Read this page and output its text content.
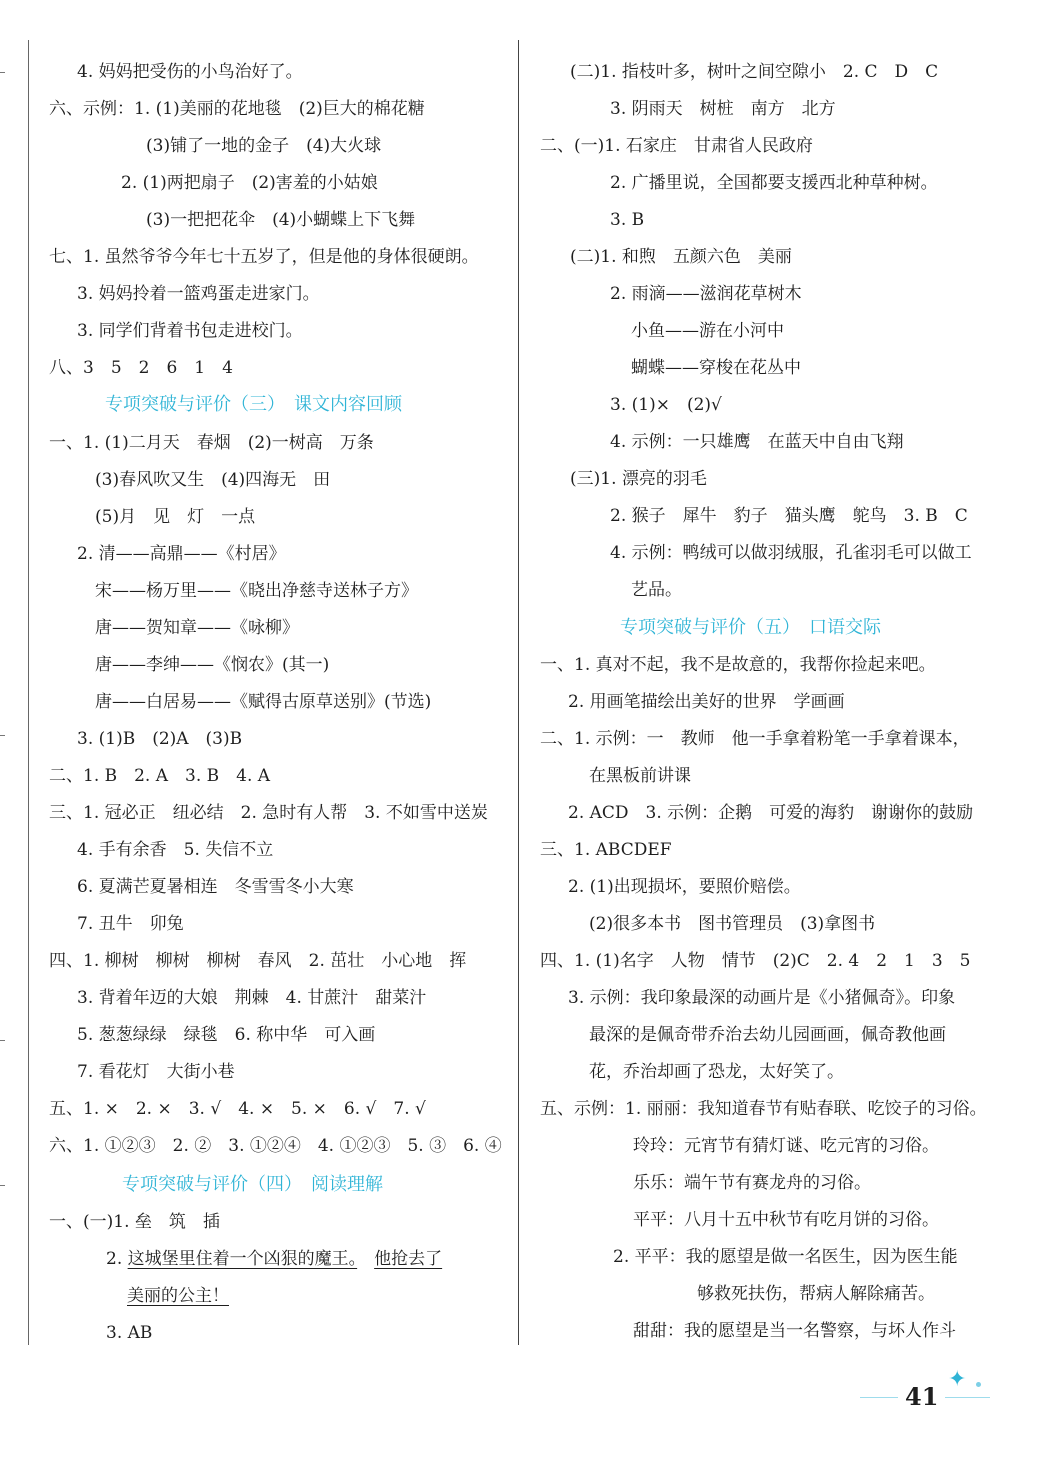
4. 妈妈把受伤的小鸟治好了。
六、示例：1. (1)美丽的花地毯　(2)巨大的棉花糖
(3)铺了一地的金子　(4)大火球
2. (1)两把扇子　(2)害羞的小姑娘
(3)一把把花伞　(4)小蝴蝶上下飞舞
七、1. 虽然爷爷今年七十五岁了，但是他的身体很硬朗。
3. 妈妈拎着一篮鸡蛋走进家门。
3. 同学们背着书包走进校门。
八、3　5　2　6　1　4
专项突破与评价（三）　课文内容回顾
一、1. (1)二月天　春烟　(2)一树高　万条
(3)春风吹又生　(4)四海无　田
(5)月　见　灯　一点
2. 清——高鼎——《村居》
宋——杨万里——《晓出净慈寺送林子方》
唐——贺知章——《咏柳》
唐——李绅——《悯农》(其一)
唐——白居易——《赋得古原草送别》(节选)
3. (1)B　(2)A　(3)B
二、1. B　2. A　3. B　4. A
三、1. 冠必正　纽必结　2. 急时有人帮　3. 不如雪中送炭
4. 手有余香　5. 失信不立
6. 夏满芒夏暑相连　冬雪雪冬小大寒
7. 丑牛　卯兔
四、1. 柳树　柳树　柳树　春风　2. 茁壮　小心地　挥
3. 背着年迈的大娘　荆棘　4. 甘蔗汁　甜菜汁
5. 葱葱绿绿　绿毯　6. 称中华　可入画
7. 看花灯　大街小巷
五、1. ×　2. ×　3. √　4. ×　5. ×　6. √　7. √
六、1. ①②③　2. ②　3. ①②④　4. ①②③　5. ③　6. ④
专项突破与评价（四）　阅读理解
一、(一)1. 垒　筑　插
2. 这城堡里住着一个凶狠的魔王。　 他抢去了
美丽的公主！
3. AB
(二)1. 指枝叶多，树叶之间空隙小　2. C　D　C
3. 阴雨天　树桩　南方　北方
二、(一)1. 石家庄　甘肃省人民政府
2. 广播里说，全国都要支援西北种草种树。
3. B
(二)1. 和煦　五颜六色　美丽
2. 雨滴——滋润花草树木
小鱼——游在小河中
蝴蝶——穿梭在花丛中
3. (1)×　(2)√
4. 示例：一只雄鹰　在蓝天中自由飞翔
(三)1. 漂亮的羽毛
2. 猴子　犀牛　豹子　猫头鹰　鸵鸟　3. B　C
4. 示例：鸭绒可以做羽绒服，孔雀羽毛可以做工
艺品。
专项突破与评价（五）　口语交际
一、1. 真对不起，我不是故意的，我帮你捡起来吧。
2. 用画笔描绘出美好的世界　学画画
二、1. 示例：一　教师　他一手拿着粉笔一手拿着课本，
在黑板前讲课
2. ACD　3. 示例：企鹅　可爱的海豹　谢谢你的鼓励
三、1. ABCDEF
2. (1)出现损坏，要照价赔偿。
(2)很多本书　图书管理员　(3)拿图书
四、1. (1)名字　人物　情节　(2)C　2. 4　2　1　3　5
3. 示例：我印象最深的动画片是《小猪佩奇》。印象
最深的是佩奇带乔治去幼儿园画画，佩奇教他画
花，乔治却画了恐龙，太好笑了。
五、示例：1. 丽丽：我知道春节有贴春联、吃饺子的习俗。
玲玲：元宵节有猜灯谜、吃元宵的习俗。
乐乐：端午节有赛龙舟的习俗。
平平：八月十五中秋节有吃月饼的习俗。
2. 平平：我的愿望是做一名医生，因为医生能
够救死扶伤，帮病人解除痛苦。
甜甜：我的愿望是当一名警察，与坏人作斗
41
✦
